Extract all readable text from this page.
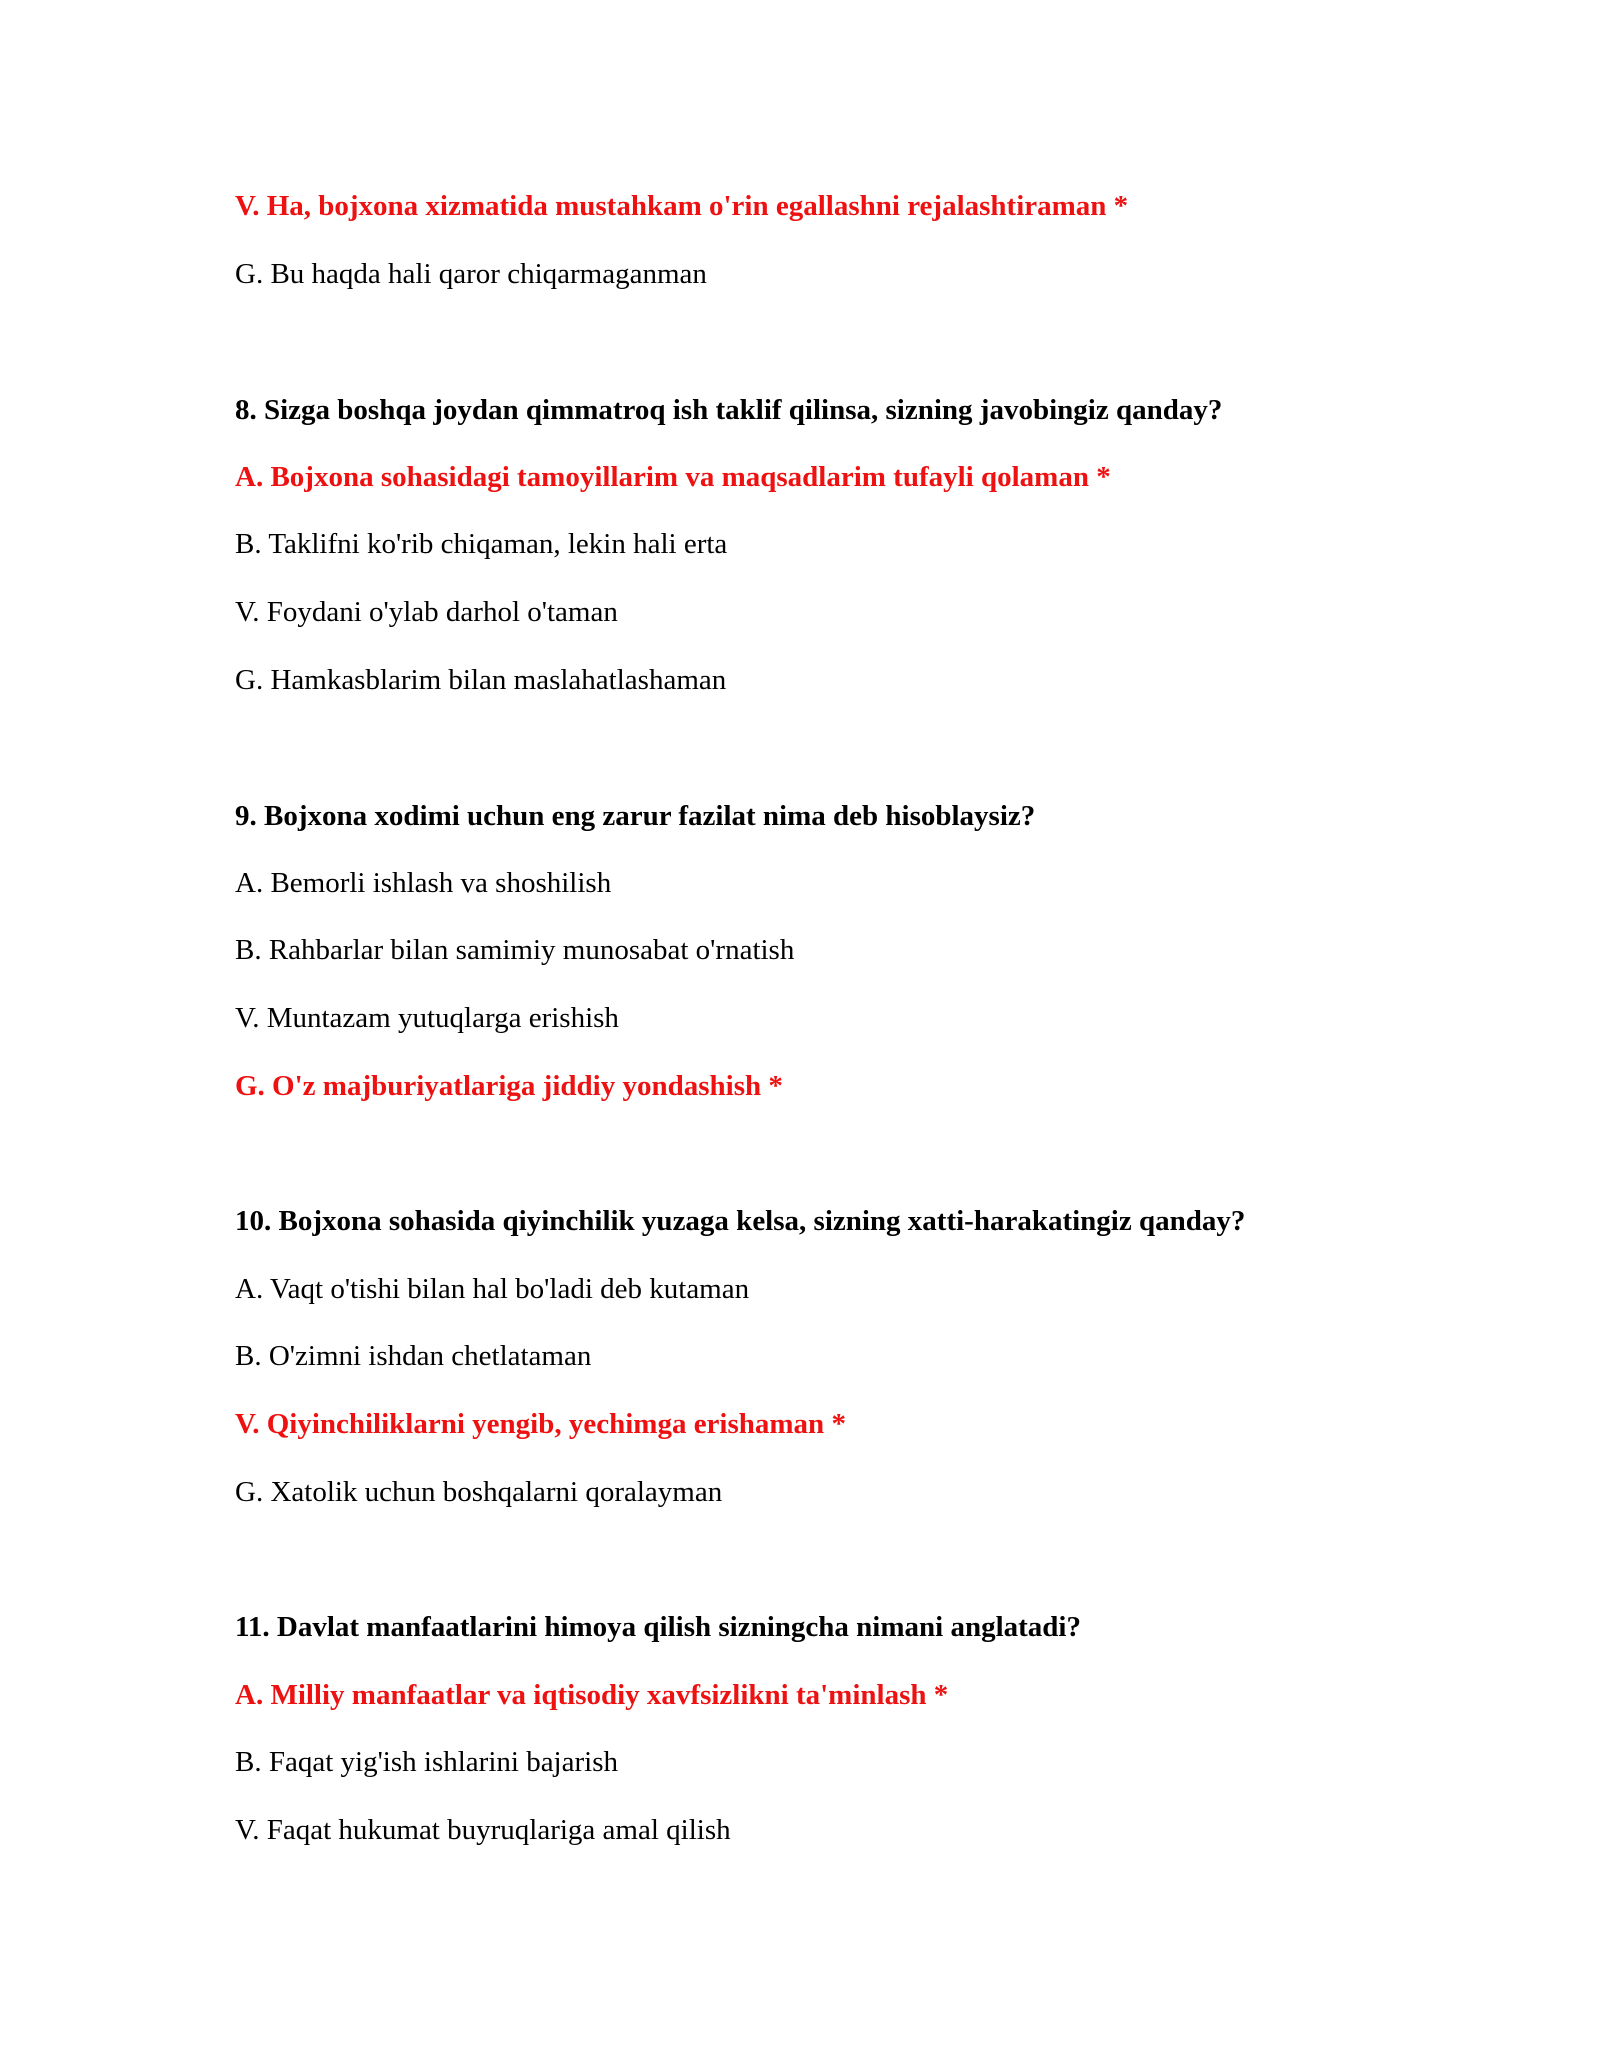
V. Ha, bojxona xizmatida mustahkam o'rin egallashni rejalashtiraman *
G. Bu haqda hali qaror chiqarmaganman
8. Sizga boshqa joydan qimmatroq ish taklif qilinsa, sizning javobingiz qanday?
A. Bojxona sohasidagi tamoyillarim va maqsadlarim tufayli qolaman *
B. Taklifni ko'rib chiqaman, lekin hali erta
V. Foydani o'ylab darhol o'taman
G. Hamkasblarim bilan maslahatlashaman
9. Bojxona xodimi uchun eng zarur fazilat nima deb hisoblaysiz?
A. Bemorli ishlash va shoshilish
B. Rahbarlar bilan samimiy munosabat o'rnatish
V. Muntazam yutuqlarga erishish
G. O'z majburiyatlariga jiddiy yondashish *
10. Bojxona sohasida qiyinchilik yuzaga kelsa, sizning xatti-harakatingiz qanday?
A. Vaqt o'tishi bilan hal bo'ladi deb kutaman
B. O'zimni ishdan chetlataman
V. Qiyinchiliklarni yengib, yechimga erishaman *
G. Xatolik uchun boshqalarni qoralayman
11. Davlat manfaatlarini himoya qilish sizningcha nimani anglatadi?
A. Milliy manfaatlar va iqtisodiy xavfsizlikni ta'minlash *
B. Faqat yig'ish ishlarini bajarish
V. Faqat hukumat buyruqlariga amal qilish
